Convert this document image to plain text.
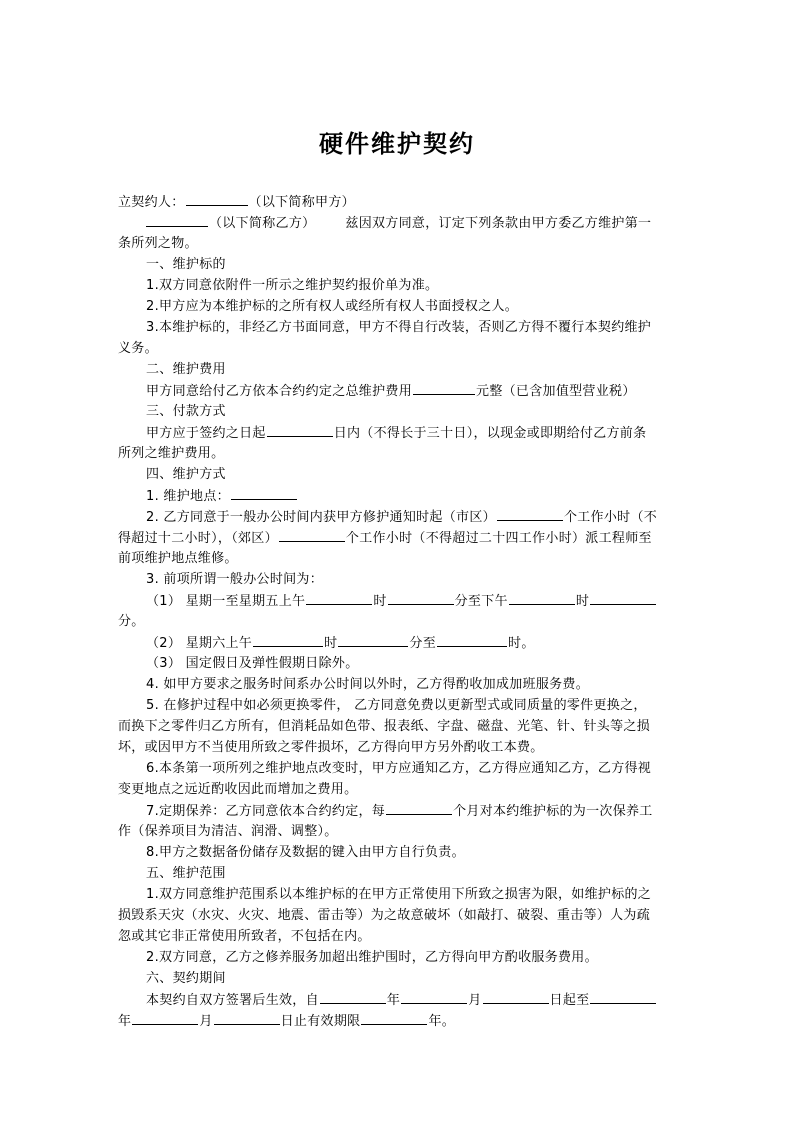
硬件维护契约
立契约人：	（以下简称甲方）
（以下简称乙方） 兹因双方同意，订定下列条款由甲方委乙方维护第一
条所列之物。
一、维护标的
1.双方同意依附件一所示之维护契约报价单为准。
2.甲方应为本维护标的之所有权人或经所有权人书面授权之人。
3.本维护标的，非经乙方书面同意，甲方不得自行改装，否则乙方得不覆行本契约维护
义务。
二、维护费用
甲方同意给付乙方依本合约约定之总维护费用	元整（已含加值型营业税）
三、付款方式
甲方应于签约之日起	日内（不得长于三十日），以现金或即期给付乙方前条
所列之维护费用。
四、维护方式
1. 维护地点：
2. 乙方同意于一般办公时间内获甲方修护通知时起（市区）	个工作小时（不
得超过十二小时），（郊区）	个工作小时（不得超过二十四工作小时）派工程师至
前项维护地点维修。
3. 前项所谓一般办公时间为：
（1） 星期一至星期五上午	时	分至下午	时
分。
（2） 星期六上午	时	分至	时。
（3） 国定假日及弹性假期日除外。
4. 如甲方要求之服务时间系办公时间以外时，乙方得酌收加成加班服务费。
5. 在修护过程中如必须更换零件， 乙方同意免费以更新型式或同质量的零件更换之，
而换下之零件归乙方所有，但消耗品如色带、报表纸、字盘、磁盘、光笔、针、针头等之损
坏，或因甲方不当使用所致之零件损坏，乙方得向甲方另外酌收工本费。
6.本条第一项所列之维护地点改变时，甲方应通知乙方，乙方得应通知乙方，乙方得视
变更地点之远近酌收因此而增加之费用。
7.定期保养：乙方同意依本合约约定，每	个月对本约维护标的为一次保养工
作（保养项目为清洁、润滑、调整）。
8.甲方之数据备份储存及数据的键入由甲方自行负责。
五、维护范围
1.双方同意维护范围系以本维护标的在甲方正常使用下所致之损害为限，如维护标的之
损毁系天灾（水灾、火灾、地震、雷击等）为之故意破坏（如敲打、破裂、重击等）人为疏
忽或其它非正常使用所致者，不包括在内。
2.双方同意，乙方之修养服务加超出维护围时，乙方得向甲方酌收服务费用。
六、契约期间
本契约自双方签署后生效，自	年	月	日起至
年	月	日止有效期限	年。
